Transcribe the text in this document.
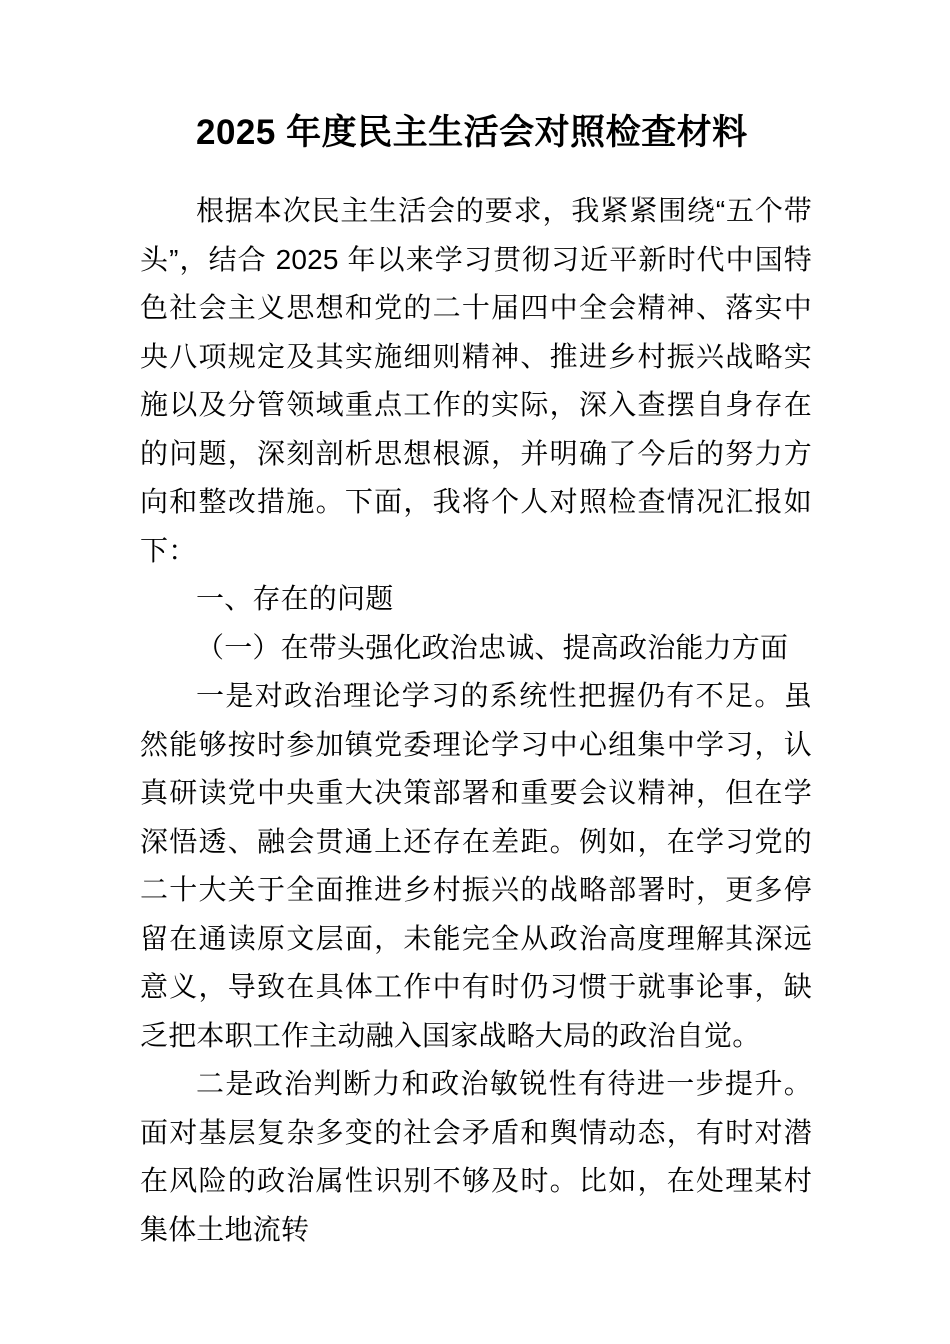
2025 年度民主生活会对照检查材料

根据本次民主生活会的要求，我紧紧围绕“五个带头”，结合 2025 年以来学习贯彻习近平新时代中国特色社会主义思想和党的二十届四中全会精神、落实中央八项规定及其实施细则精神、推进乡村振兴战略实施以及分管领域重点工作的实际，深入查摆自身存在的问题，深刻剖析思想根源，并明确了今后的努力方向和整改措施。下面，我将个人对照检查情况汇报如下：

一、存在的问题

（一）在带头强化政治忠诚、提高政治能力方面

一是对政治理论学习的系统性把握仍有不足。虽然能够按时参加镇党委理论学习中心组集中学习，认真研读党中央重大决策部署和重要会议精神，但在学深悟透、融会贯通上还存在差距。例如，在学习党的二十大关于全面推进乡村振兴的战略部署时，更多停留在通读原文层面，未能完全从政治高度理解其深远意义，导致在具体工作中有时仍习惯于就事论事，缺乏把本职工作主动融入国家战略大局的政治自觉。

二是政治判断力和政治敏锐性有待进一步提升。面对基层复杂多变的社会矛盾和舆情动态，有时对潜在风险的政治属性识别不够及时。比如，在处理某村集体土地流转
